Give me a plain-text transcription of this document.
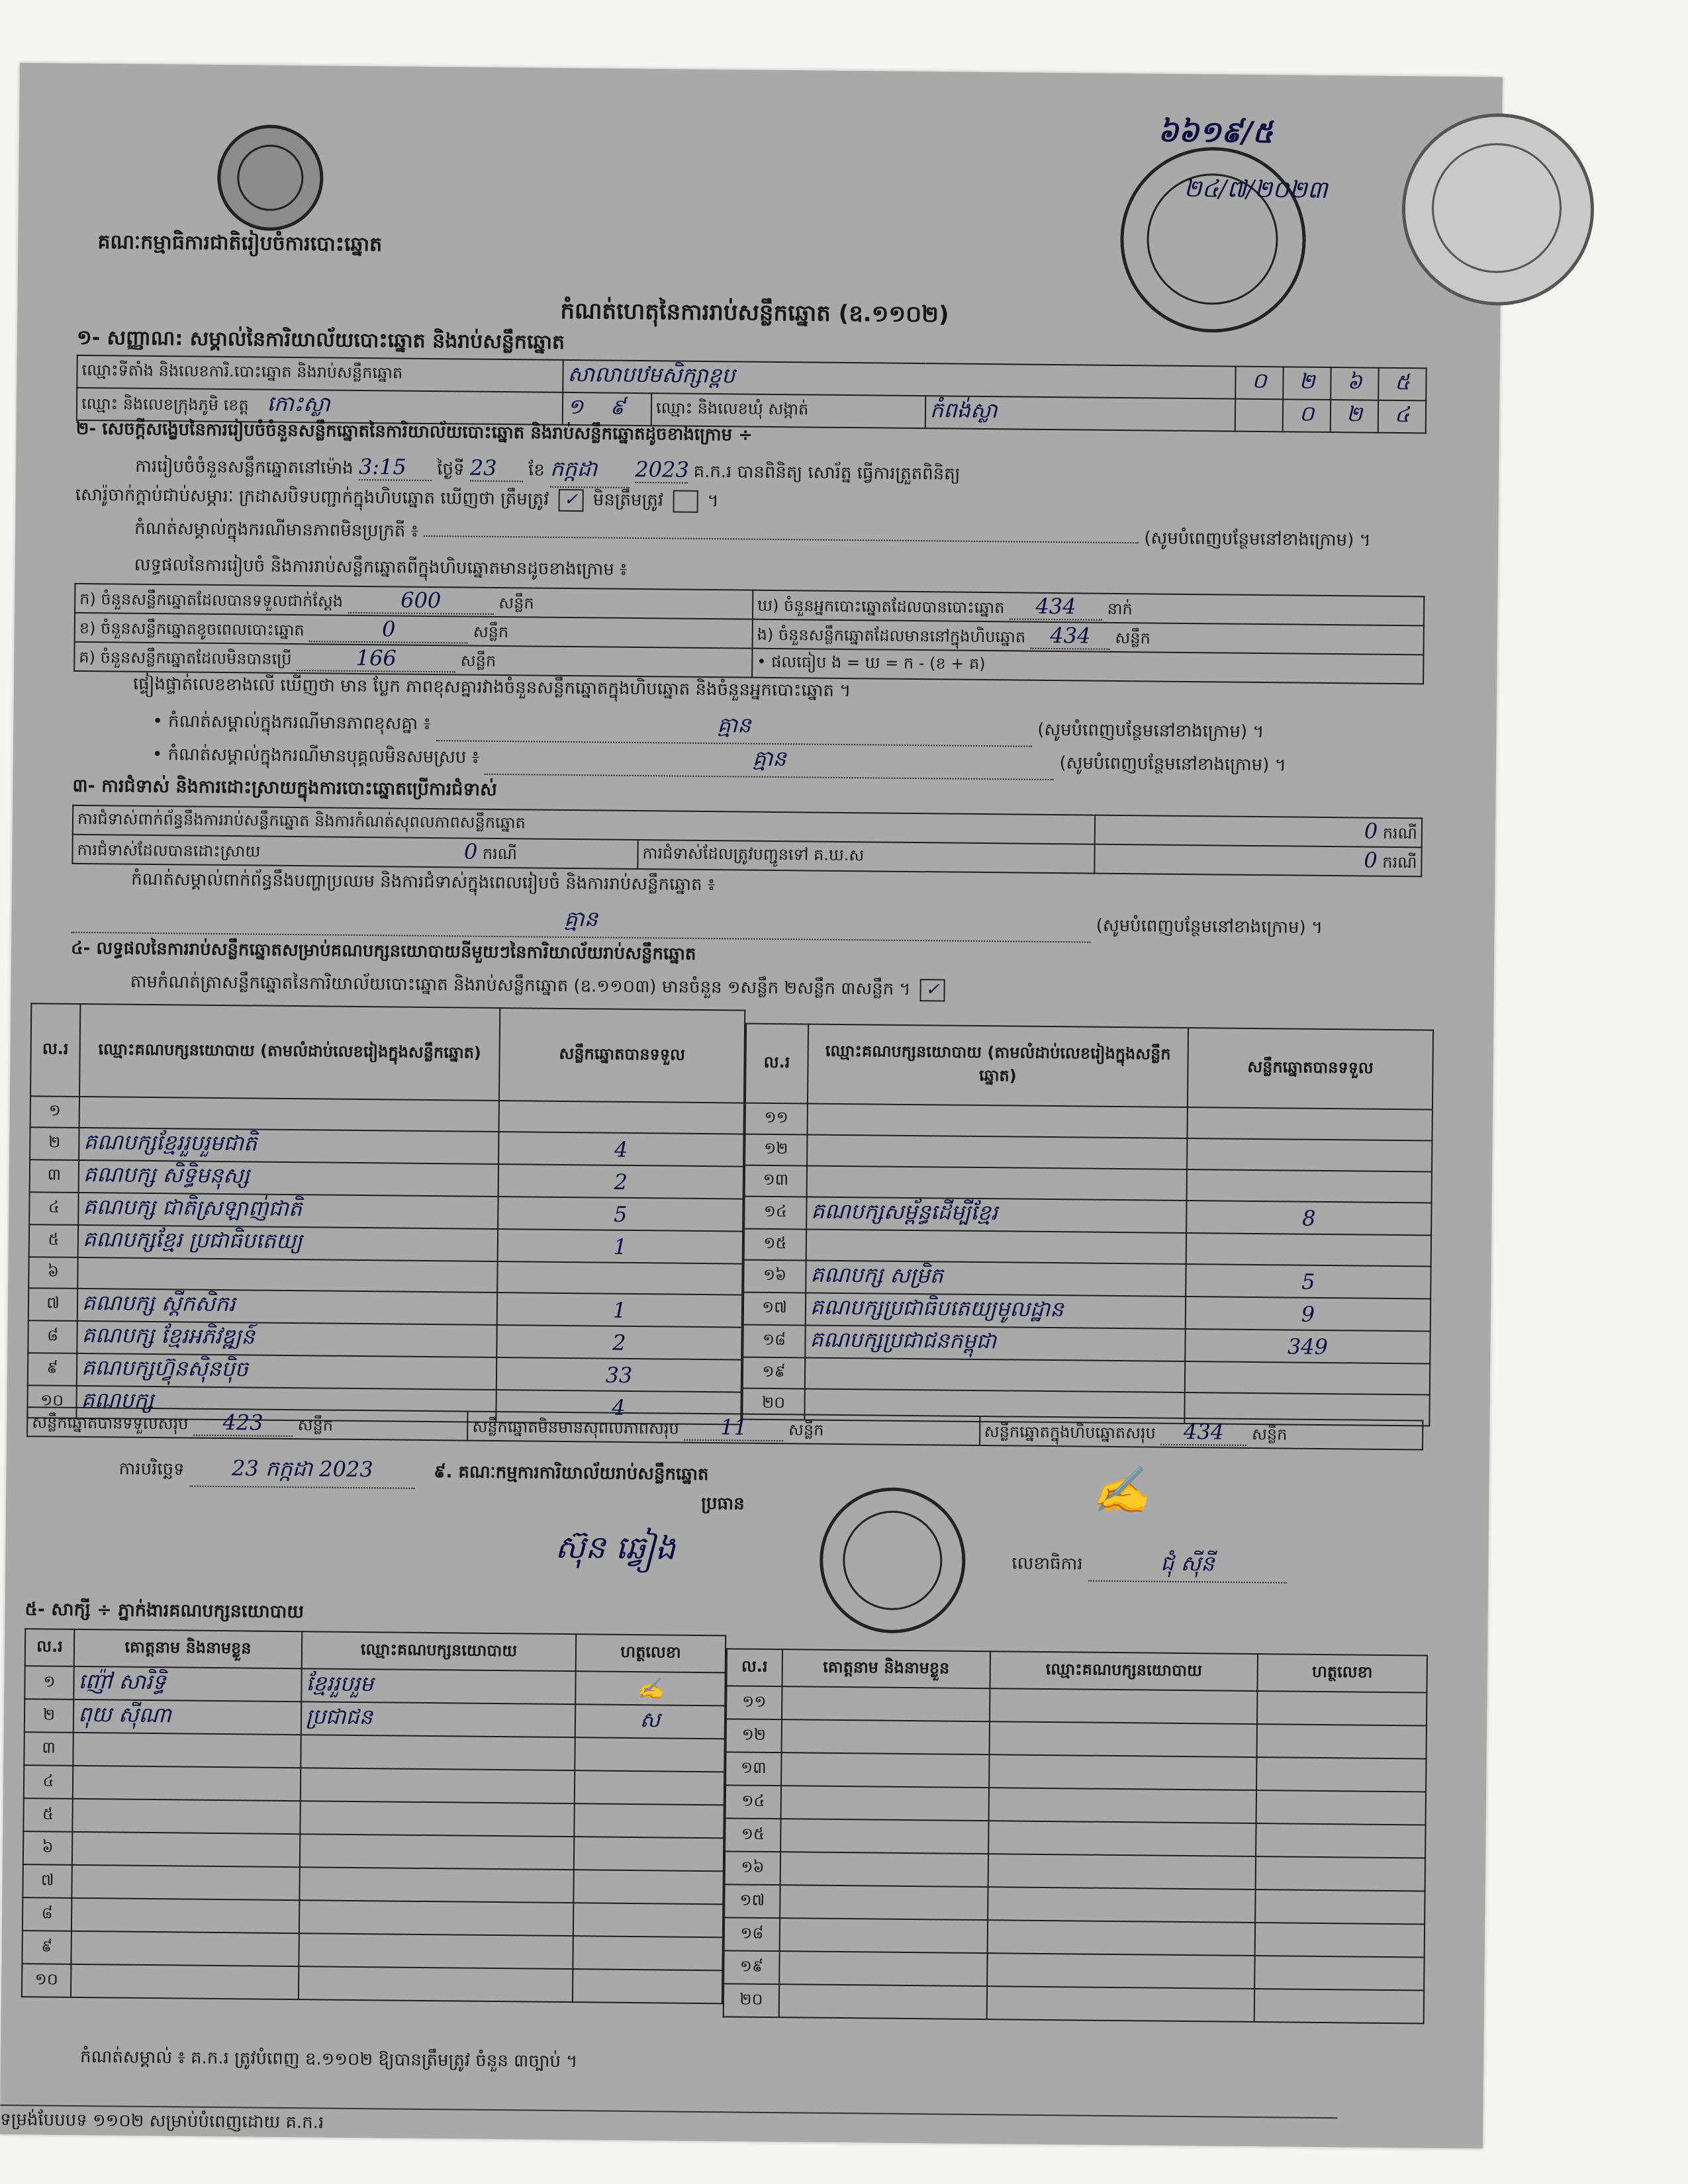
គណៈកម្មាធិការជាតិរៀបចំការបោះឆ្នោត
៦៦១៩/៥
២៤/៧/២០២៣
កំណត់ហេតុនៃការរាប់សន្លឹកឆ្នោត (ឧ.១១០២)
១- សញ្ញាណ: សម្គាល់នៃការិយាល័យបោះឆ្នោត និងរាប់សន្លឹកឆ្នោត
ឈ្មោះទីតាំង និងលេខការិ.បោះឆ្នោត និងរាប់សន្លឹកឆ្នោត	សាលាបឋមសិក្សាខ្ពប			០	២	៦	៥
ឈ្មោះ និងលេខក្រុងភូមិ ខេត្ត កោះស្លា	១ ៩	ឈ្មោះ និងលេខឃុំ សង្កាត់	កំពង់ស្លា		០	២	៤
២- សេចក្តីសង្ខេបនៃការរៀបចំចំនួនសន្លឹកឆ្នោតនៃការិយាល័យបោះឆ្នោត និងរាប់សន្លឹកឆ្នោតដូចខាងក្រោម ÷
ការរៀបចំចំនួនសន្លឹកឆ្នោតនៅម៉ោង 3:15 ថ្ងៃទី 23 ខែ កក្កដា 2023 គ.ក.រ បានពិនិត្យ សោរ័ត្ន ធ្វើការត្រួតពិនិត្យ
សោរ៉ូចាក់ក្តាប់ជាប់សម្ភារៈ ក្រដាសបិទបញ្ជាក់ក្នុងហិបឆ្នោត ឃើញថា ត្រឹមត្រូវ ✓ មិនត្រឹមត្រូវ  ។
កំណត់សម្គាល់ក្នុងករណីមានភាពមិនប្រក្រតី ៖	(សូមបំពេញបន្ថែមនៅខាងក្រោម) ។
លទ្ធផលនៃការរៀបចំ និងការរាប់សន្លឹកឆ្នោតពីក្នុងហិបឆ្នោតមានដូចខាងក្រោម ៖
ក) ចំនួនសន្លឹកឆ្នោតដែលបានទទួលជាក់ស្តែង 600 សន្លឹក	ឃ) ចំនួនអ្នកបោះឆ្នោតដែលបានបោះឆ្នោត 434 នាក់
ខ) ចំនួនសន្លឹកឆ្នោតខូចពេលបោះឆ្នោត 0 សន្លឹក	ង) ចំនួនសន្លឹកឆ្នោតដែលមាននៅក្នុងហិបឆ្នោត 434 សន្លឹក
គ) ចំនួនសន្លឹកឆ្នោតដែលមិនបានប្រើ 166 សន្លឹក	• ផលធៀប ង = ឃ = ក - (ខ + គ)
ផ្ទៀងផ្ទាត់លេខខាងលើ ឃើញថា មាន ប្លែក ភាពខុសគ្នារវាងចំនួនសន្លឹកឆ្នោតក្នុងហិបឆ្នោត និងចំនួនអ្នកបោះឆ្នោត ។
• កំណត់សម្គាល់ក្នុងករណីមានភាពខុសគ្នា ៖	គ្មាន	(សូមបំពេញបន្ថែមនៅខាងក្រោម) ។
• កំណត់សម្គាល់ក្នុងករណីមានបុគ្គលមិនសមស្រប ៖	គ្មាន	(សូមបំពេញបន្ថែមនៅខាងក្រោម) ។
៣- ការជំទាស់ និងការដោះស្រាយក្នុងការបោះឆ្នោតប្រើការជំទាស់
ការជំទាស់ពាក់ព័ន្ធនឹងការរាប់សន្លឹកឆ្នោត និងការកំណត់សុពលភាពសន្លឹកឆ្នោត		0 ករណី
ការជំទាស់ដែលបានដោះស្រាយ 0 ករណី	ការជំទាស់ដែលត្រូវបញ្ជូនទៅ គ.ឃ.ស	0 ករណី
កំណត់សម្គាល់ពាក់ព័ន្ធនឹងបញ្ហាប្រឈម និងការជំទាស់ក្នុងពេលរៀបចំ និងការរាប់សន្លឹកឆ្នោត ៖
គ្មាន	(សូមបំពេញបន្ថែមនៅខាងក្រោម) ។
៤- លទ្ធផលនៃការរាប់សន្លឹកឆ្នោតសម្រាប់គណបក្សនយោបាយនីមួយៗនៃការិយាល័យរាប់សន្លឹកឆ្នោត
តាមកំណត់ត្រាសន្លឹកឆ្នោតនៃការិយាល័យបោះឆ្នោត និងរាប់សន្លឹកឆ្នោត (ឧ.១១០៣) មានចំនួន ១សន្លឹក ២សន្លឹក ៣សន្លឹក ។ ✓
ល.រ	ឈ្មោះគណបក្សនយោបាយ (តាមលំដាប់លេខរៀងក្នុងសន្លឹកឆ្នោត)	សន្លឹកឆ្នោតបានទទួល
១		
២	គណបក្សខ្មែររួបរួមជាតិ	4
៣	គណបក្ស សិទ្ធិមនុស្ស	2
៤	គណបក្ស ជាតិស្រឡាញ់ជាតិ	5
៥	គណបក្សខ្មែរ ប្រជាធិបតេយ្យ	1
៦		
៧	គណបក្ស ស្តីកសិករ	1
៨	គណបក្ស ខ្មែរអភិវឌ្ឍន៍	2
៩	គណបក្សហ៊្វុនស៊ិនប៉ិច	33
១០	គណបក្ស	4
ល.រ	ឈ្មោះគណបក្សនយោបាយ (តាមលំដាប់លេខរៀងក្នុងសន្លឹកឆ្នោត)	សន្លឹកឆ្នោតបានទទួល
១១		
១២		
១៣		
១៤	គណបក្សសម្ព័ន្ធដើម្បីខ្មែរ	8
១៥		
១៦	គណបក្ស សម្រិត	5
១៧	គណបក្សប្រជាធិបតេយ្យមូលដ្ឋាន	9
១៨	គណបក្សប្រជាជនកម្ពុជា	349
១៩		
២០		
សន្លឹកឆ្នោតបានទទួលសរុប 423 សន្លឹក	សន្លឹកឆ្នោតមិនមានសុពលភាពសរុប 11	សន្លឹក	សន្លឹកឆ្នោតក្នុងហិបឆ្នោតសរុប 434 សន្លឹក
ការបរិច្ឆេទ 23 កក្កដា 2023	៩. គណៈកម្មការការិយាល័យរាប់សន្លឹកឆ្នោត
ប្រធាន
ស៊ុន ឆ្វៀង
✍
លេខាធិការ	ជុំ ស៊ីនី
៥- សាក្សី ÷ ភ្នាក់ងារគណបក្សនយោបាយ
ល.រ	គោត្តនាម និងនាមខ្លួន	ឈ្មោះគណបក្សនយោបាយ	ហត្ថលេខា
១	ញ៉ៅ សារិទ្ធិ	ខ្មែររួបរួម	✍
២	ពុយ ស៊ីណា	ប្រជាជន	ស
៣			
៤			
៥			
៦			
៧			
៨			
៩			
១០			
ល.រ	គោត្តនាម និងនាមខ្លួន	ឈ្មោះគណបក្សនយោបាយ	ហត្ថលេខា
១១			
១២			
១៣			
១៤			
១៥			
១៦			
១៧			
១៨			
១៩			
២០			
កំណត់សម្គាល់ ៖ គ.ក.រ ត្រូវបំពេញ ឧ.១១០២ ឱ្យបានត្រឹមត្រូវ ចំនួន ៣ច្បាប់ ។
ទម្រង់បែបបទ ១១០២ សម្រាប់បំពេញដោយ គ.ក.រ
